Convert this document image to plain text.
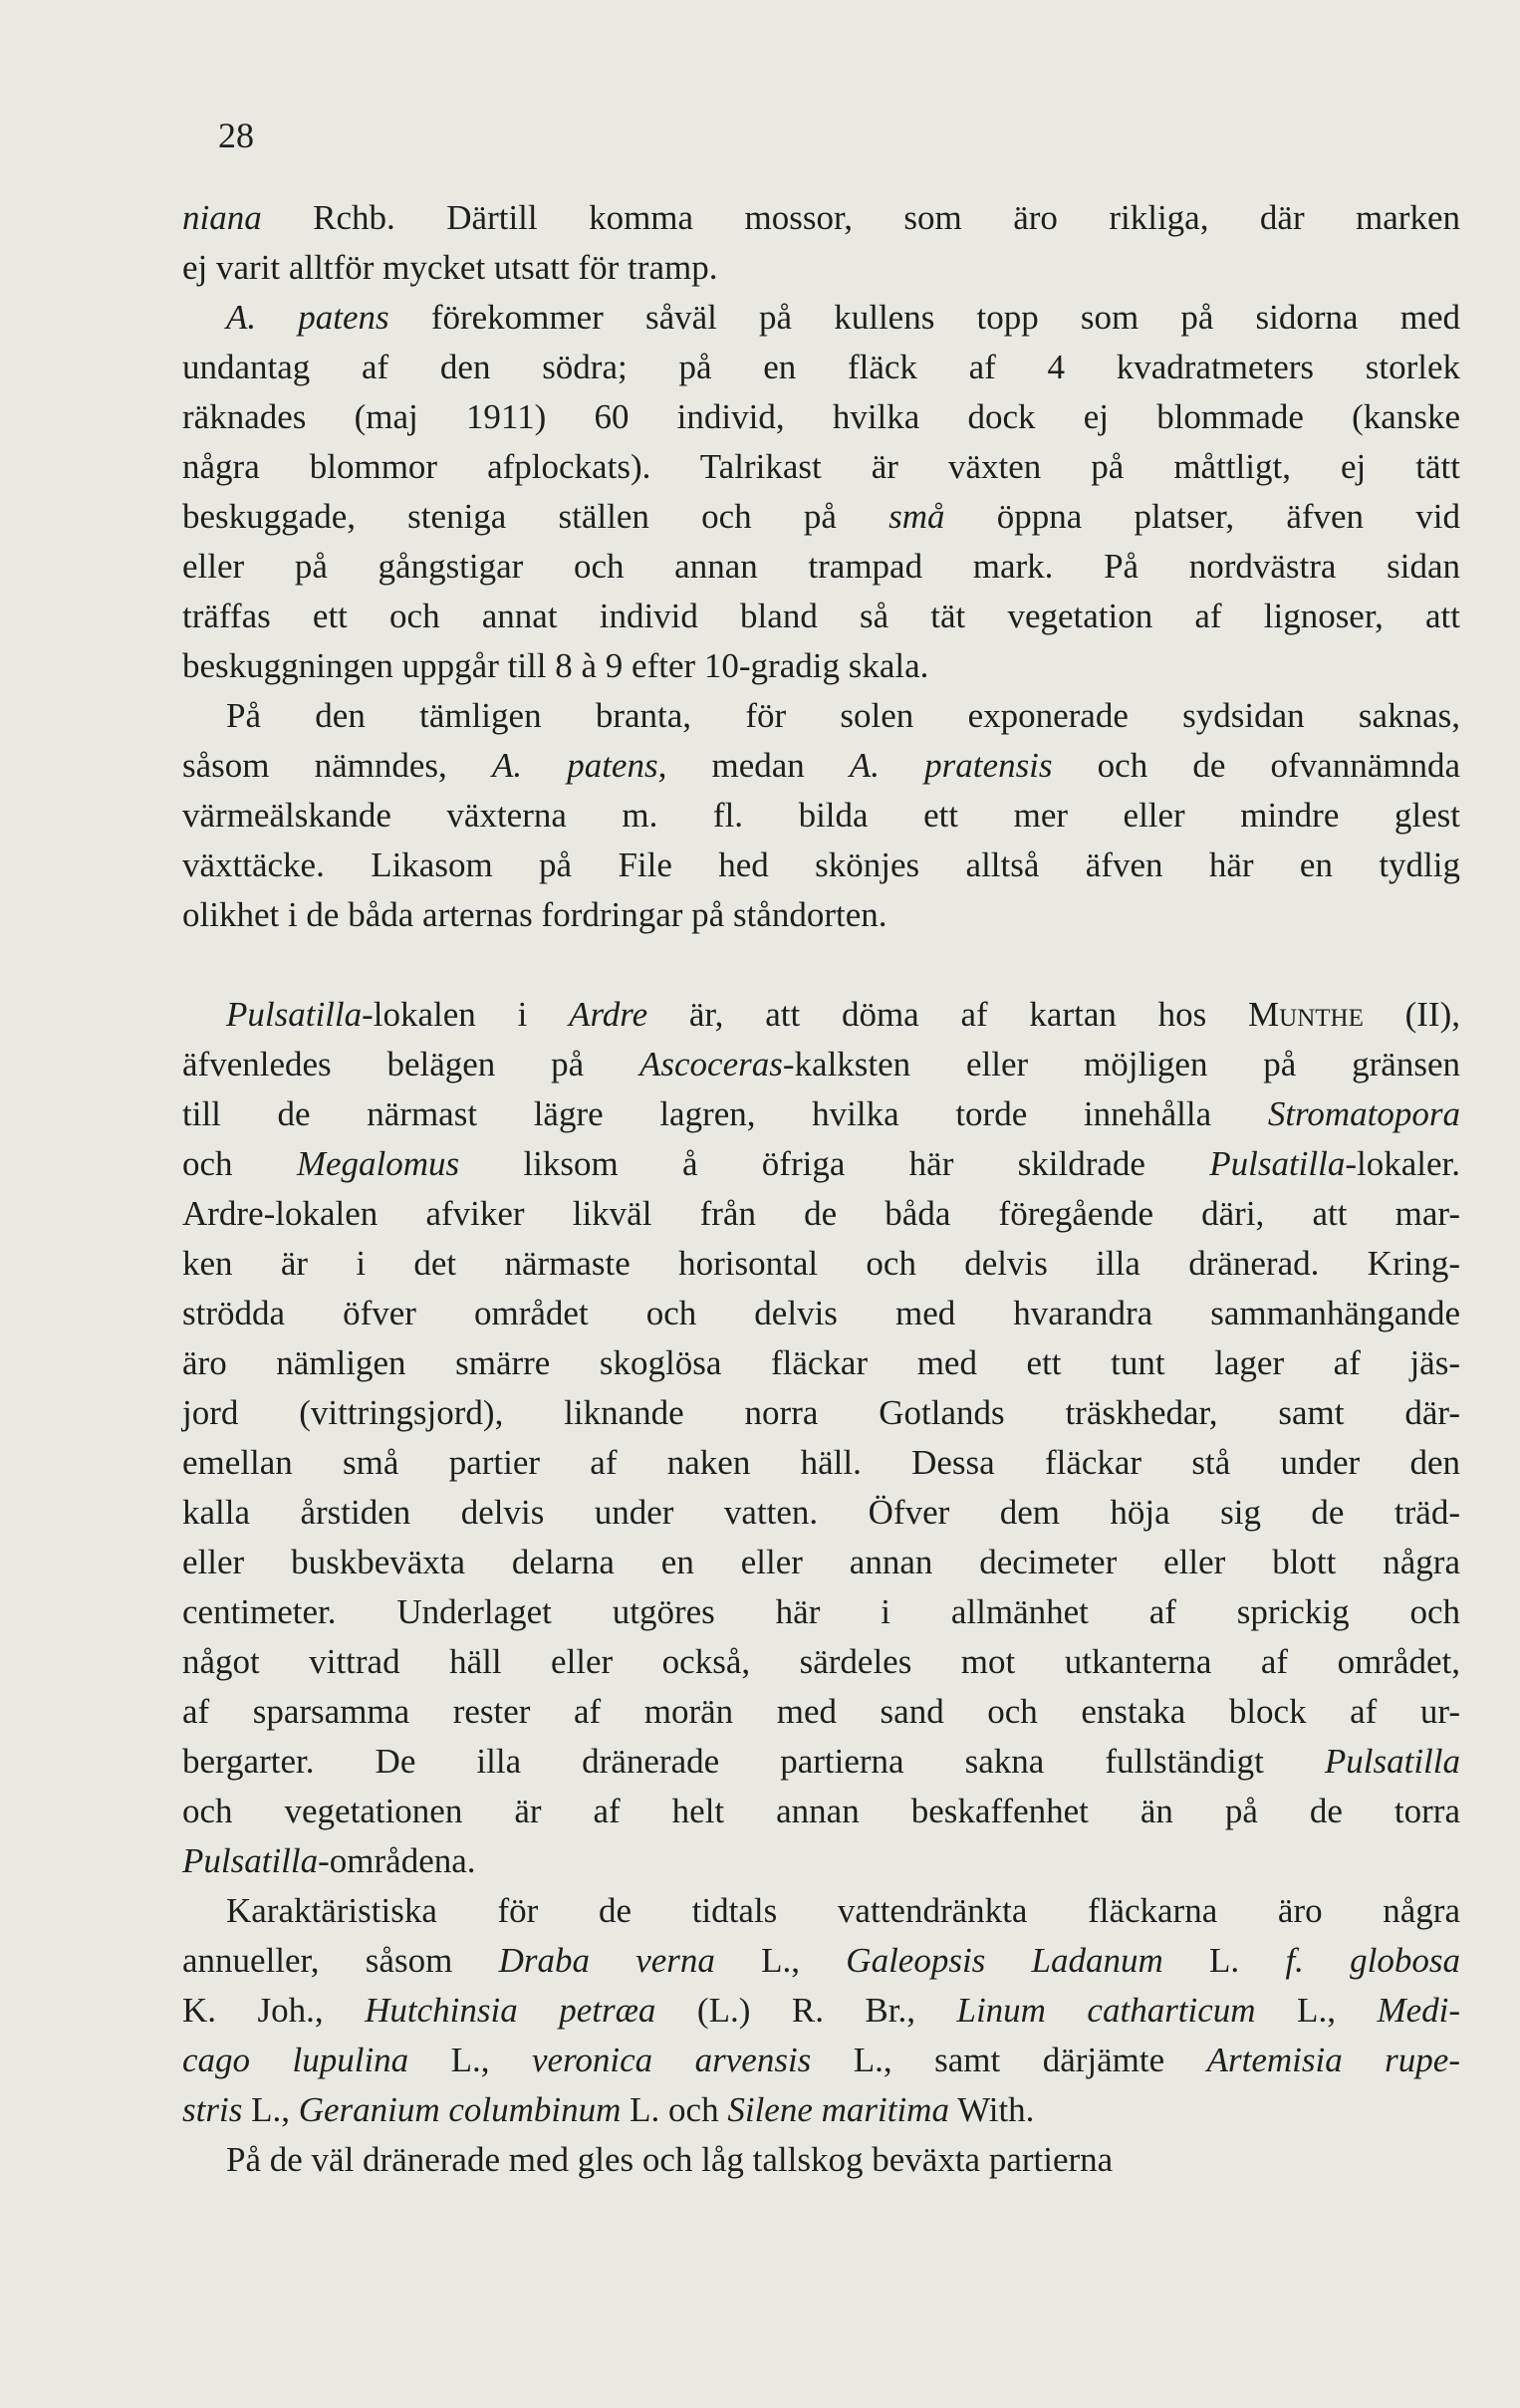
28
niana Rchb. Därtill komma mossor, som äro rikliga, där marken
ej varit alltför mycket utsatt för tramp.
A. patens förekommer såväl på kullens topp som på sidorna med
undantag af den södra; på en fläck af 4 kvadratmeters storlek
räknades (maj 1911) 60 individ, hvilka dock ej blommade (kanske
några blommor afplockats). Talrikast är växten på måttligt, ej tätt
beskuggade, steniga ställen och på små öppna platser, äfven vid
eller på gångstigar och annan trampad mark. På nordvästra sidan
träffas ett och annat individ bland så tät vegetation af lignoser, att
beskuggningen uppgår till 8 à 9 efter 10-gradig skala.
På den tämligen branta, för solen exponerade sydsidan saknas,
såsom nämndes, A. patens, medan A. pratensis och de ofvannämnda
värmeälskande växterna m. fl. bilda ett mer eller mindre glest
växttäcke. Likasom på File hed skönjes alltså äfven här en tydlig
olikhet i de båda arternas fordringar på ståndorten.
Pulsatilla-lokalen i Ardre är, att döma af kartan hos Munthe (II),
äfvenledes belägen på Ascoceras-kalksten eller möjligen på gränsen
till de närmast lägre lagren, hvilka torde innehålla Stromatopora
och Megalomus liksom å öfriga här skildrade Pulsatilla-lokaler.
Ardre-lokalen afviker likväl från de båda föregående däri, att mar-
ken är i det närmaste horisontal och delvis illa dränerad. Kring-
strödda öfver området och delvis med hvarandra sammanhängande
äro nämligen smärre skoglösa fläckar med ett tunt lager af jäs-
jord (vittringsjord), liknande norra Gotlands träskhedar, samt där-
emellan små partier af naken häll. Dessa fläckar stå under den
kalla årstiden delvis under vatten. Öfver dem höja sig de träd-
eller buskbeväxta delarna en eller annan decimeter eller blott några
centimeter. Underlaget utgöres här i allmänhet af sprickig och
något vittrad häll eller också, särdeles mot utkanterna af området,
af sparsamma rester af morän med sand och enstaka block af ur-
bergarter. De illa dränerade partierna sakna fullständigt Pulsatilla
och vegetationen är af helt annan beskaffenhet än på de torra
Pulsatilla-områdena.
Karaktäristiska för de tidtals vattendränkta fläckarna äro några
annueller, såsom Draba verna L., Galeopsis Ladanum L. f. globosa
K. Joh., Hutchinsia petræa (L.) R. Br., Linum catharticum L., Medi-
cago lupulina L., veronica arvensis L., samt därjämte Artemisia rupe-
stris L., Geranium columbinum L. och Silene maritima With.
På de väl dränerade med gles och låg tallskog beväxta partierna
